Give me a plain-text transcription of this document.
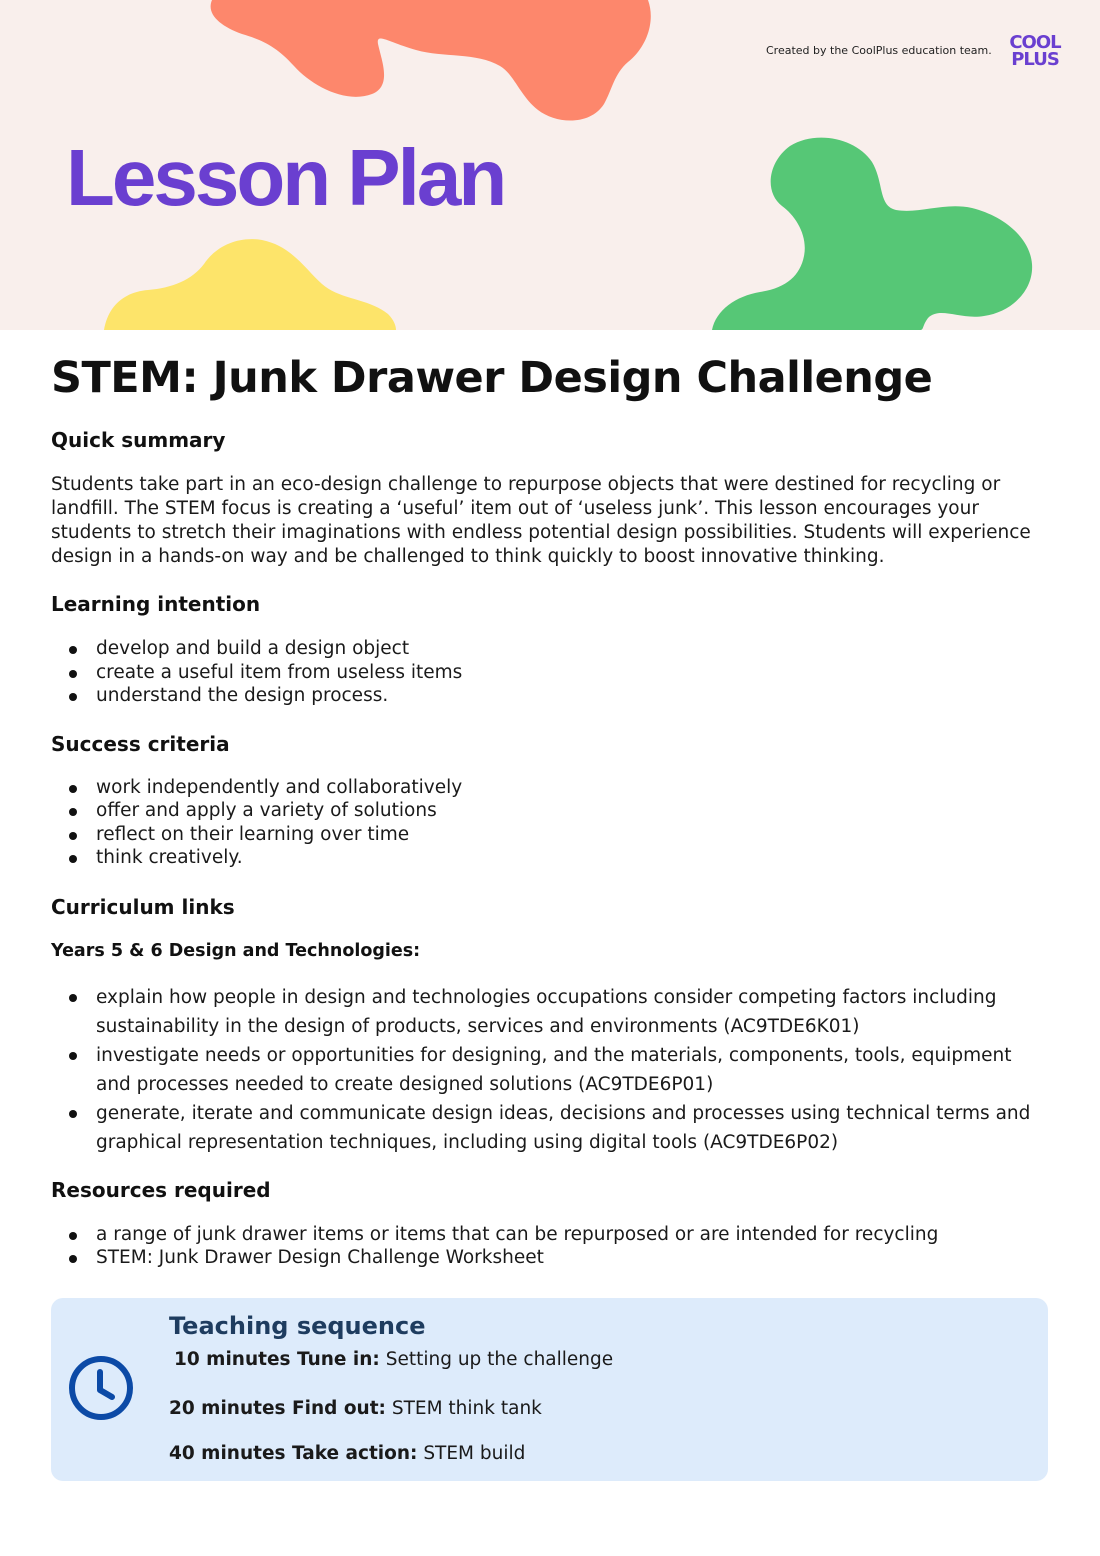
Created by the CoolPlus education team. COOL
PLUS
Lesson Plan
STEM: Junk Drawer Design Challenge
Quick summary

Students take part in an eco-design challenge to repurpose objects that were destined for recycling or landfill. The STEM focus is creating a ‘useful’ item out of ‘useless junk’. This lesson encourages your students to stretch their imaginations with endless potential design possibilities. Students will experience design in a hands-on way and be challenged to think quickly to boost innovative thinking.

Learning intention
develop and build a design object
create a useful item from useless items
understand the design process.
Success criteria
work independently and collaboratively
offer and apply a variety of solutions
reflect on their learning over time
think creatively.
Curriculum links
Years 5 & 6 Design and Technologies:
explain how people in design and technologies occupations consider competing factors including sustainability in the design of products, services and environments (AC9TDE6K01)
investigate needs or opportunities for designing, and the materials, components, tools, equipment and processes needed to create designed solutions (AC9TDE6P01)
generate, iterate and communicate design ideas, decisions and processes using technical terms and graphical representation techniques, including using digital tools (AC9TDE6P02)
Resources required
a range of junk drawer items or items that can be repurposed or are intended for recycling
STEM: Junk Drawer Design Challenge Worksheet
Teaching sequence
10 minutes Tune in: Setting up the challenge
20 minutes Find out: STEM think tank
40 minutes Take action: STEM build
